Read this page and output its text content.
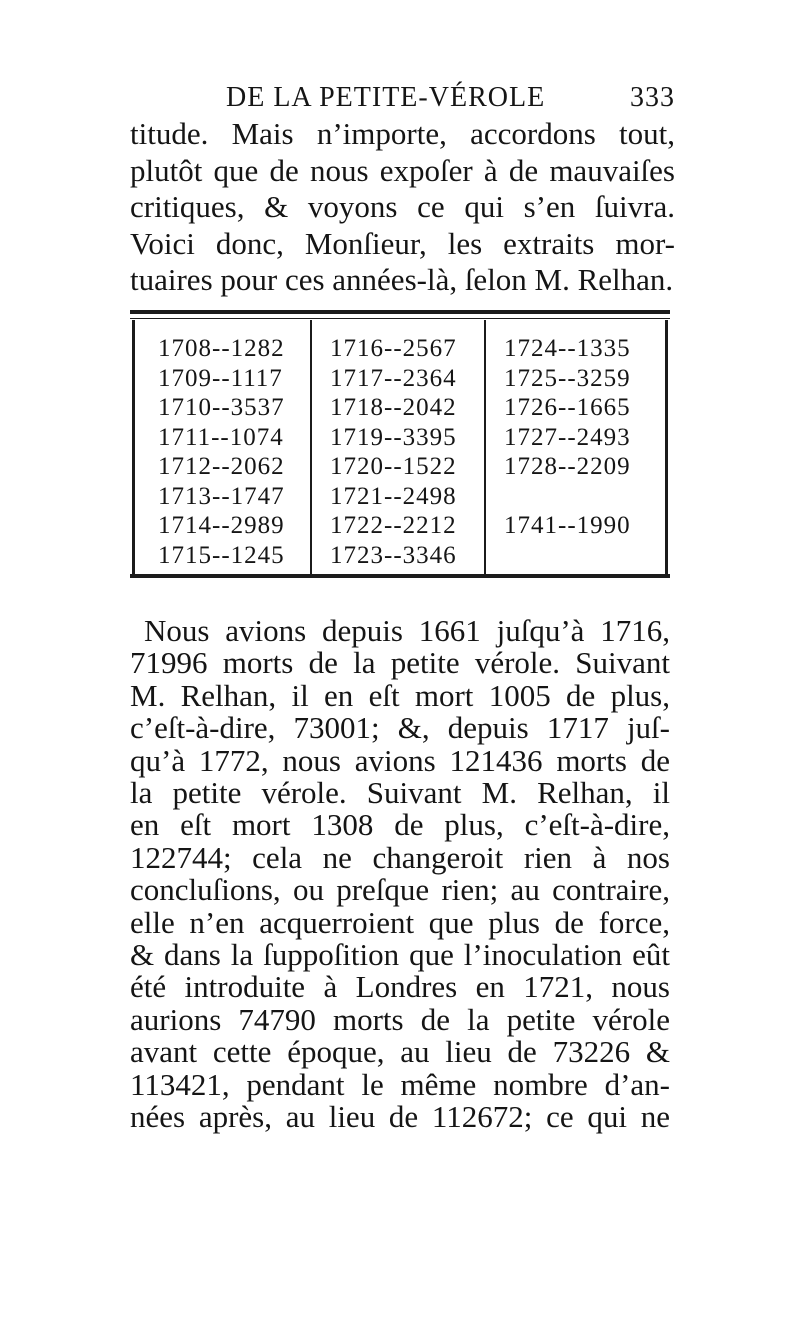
DE LA PETITE-VÉROLE	333
titude. Mais n’importe, accordons tout,
plutôt que de nous expoſer à de mauvaiſes
critiques, & voyons ce qui s’en ſuivra.
Voici donc, Monſieur, les extraits mor-
tuaires pour ces années-là, ſelon M. Relhan.
1708--1282
1709--1117
1710--3537
1711--1074
1712--2062
1713--1747
1714--2989
1715--1245
1716--2567
1717--2364
1718--2042
1719--3395
1720--1522
1721--2498
1722--2212
1723--3346
1724--1335
1725--3259
1726--1665
1727--2493
1728--2209
1741--1990
Nous avions depuis 1661 juſqu’à 1716,
71996 morts de la petite vérole. Suivant
M. Relhan, il en eſt mort 1005 de plus,
c’eſt-à-dire, 73001; &, depuis 1717 juſ-
qu’à 1772, nous avions 121436 morts de
la petite vérole. Suivant M. Relhan, il
en eſt mort 1308 de plus, c’eſt-à-dire,
122744; cela ne changeroit rien à nos
concluſions, ou preſque rien; au contraire,
elle n’en acquerroient que plus de force,
& dans la ſuppoſition que l’inoculation eût
été introduite à Londres en 1721, nous
aurions 74790 morts de la petite vérole
avant cette époque, au lieu de 73226 &
113421, pendant le même nombre d’an-
nées après, au lieu de 112672; ce qui ne
